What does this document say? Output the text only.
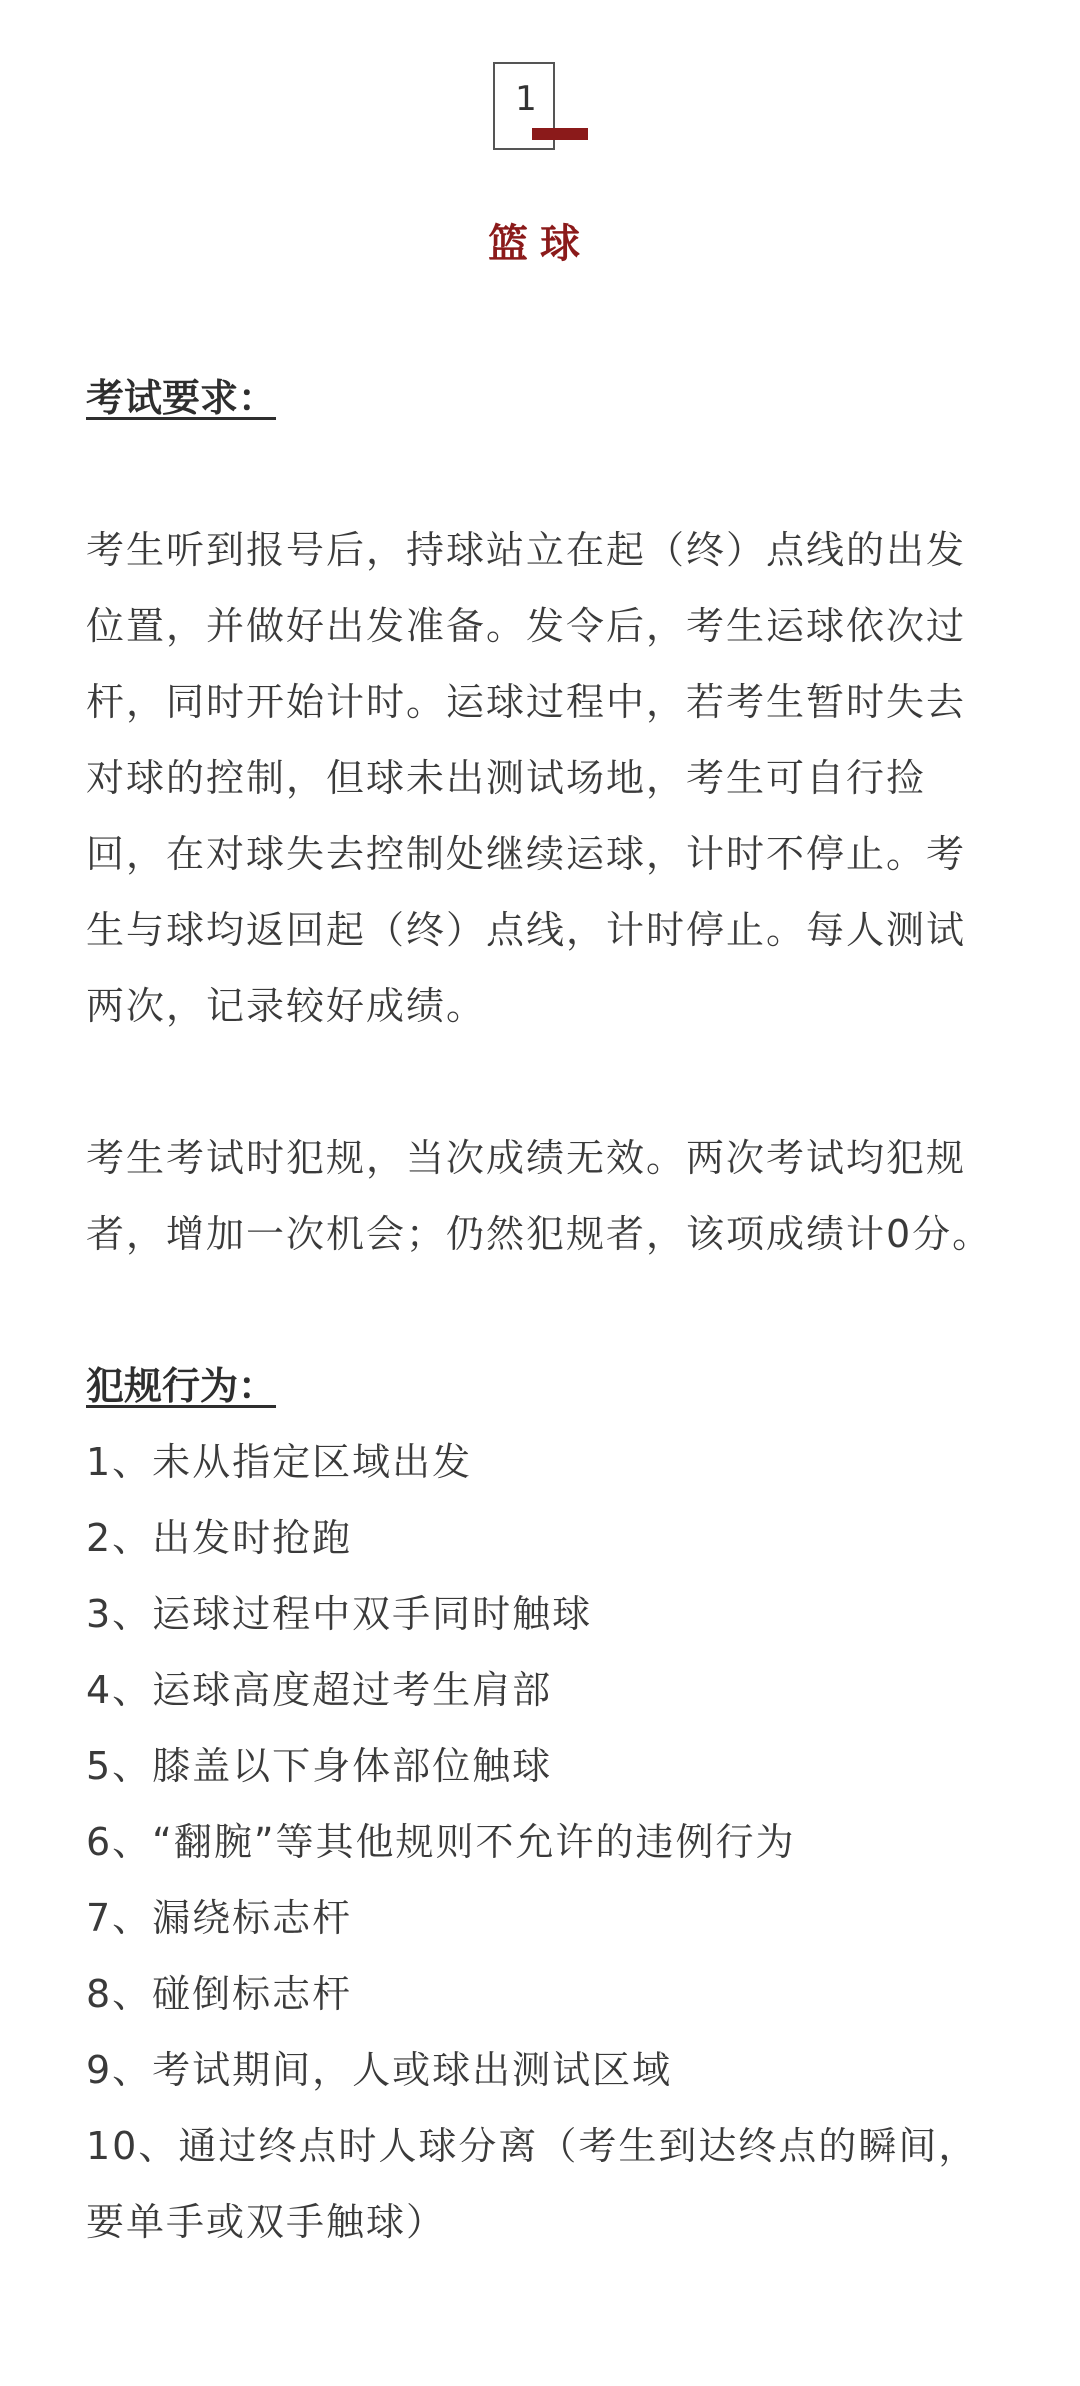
1
篮球
考试要求：

考生听到报号后，持球站立在起（终）点线的出发位置，并做好出发准备。发令后，考生运球依次过杆，同时开始计时。运球过程中，若考生暂时失去对球的控制，但球未出测试场地，考生可自行捡回，在对球失去控制处继续运球，计时不停止。考生与球均返回起（终）点线，计时停止。每人测试两次，记录较好成绩。

考生考试时犯规，当次成绩无效。两次考试均犯规者，增加一次机会；仍然犯规者，该项成绩计0分。

犯规行为：
1、未从指定区域出发
2、出发时抢跑
3、运球过程中双手同时触球
4、运球高度超过考生肩部
5、膝盖以下身体部位触球
6、“翻腕”等其他规则不允许的违例行为
7、漏绕标志杆
8、碰倒标志杆
9、考试期间，人或球出测试区域
10、通过终点时人球分离（考生到达终点的瞬间，要单手或双手触球）
